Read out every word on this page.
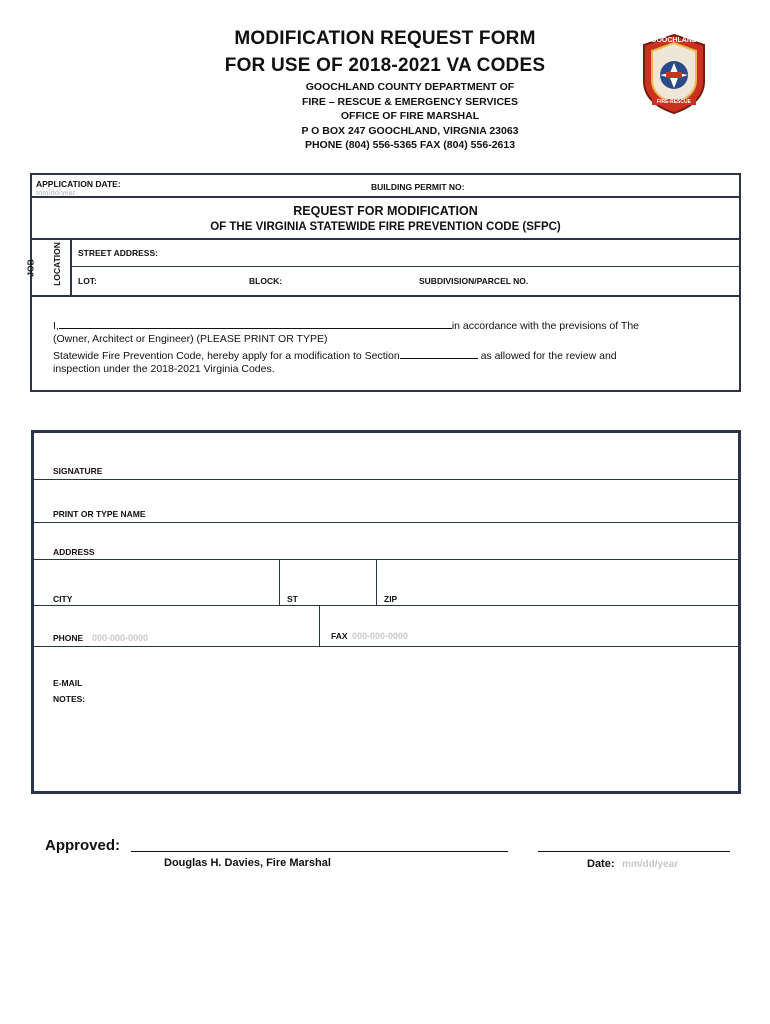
MODIFICATION REQUEST FORM
FOR USE OF 2018-2021 VA CODES
GOOCHLAND COUNTY DEPARTMENT OF
FIRE – RESCUE & EMERGENCY SERVICES
OFFICE OF FIRE MARSHAL
P O BOX 247 GOOCHLAND, VIRGNIA 23063
PHONE (804) 556-5365 FAX (804) 556-2613
GOOCHLAND
FIRE-RESCUE
APPLICATION DATE:
mm/dd/year
BUILDING PERMIT NO:
REQUEST FOR MODIFICATION
OF THE VIRGINIA STATEWIDE FIRE PREVENTION CODE (SFPC)
JOB LOCATION STREET ADDRESS:
LOT:	BLOCK:	SUBDIVISION/PARCEL NO.
I,	in accordance with the previsions of The
(Owner, Architect or Engineer) (PLEASE PRINT OR TYPE)
Statewide Fire Prevention Code, hereby apply for a modification to Section	as allowed for the review and
inspection under the 2018-2021 Virginia Codes.
SIGNATURE
PRINT OR TYPE NAME
ADDRESS
CITY	ST	ZIP
PHONE 000-000-0000	FAX 000-000-0000
E-MAIL
NOTES:
Approved:
Douglas H. Davies, Fire Marshal	Date: mm/dd/year
